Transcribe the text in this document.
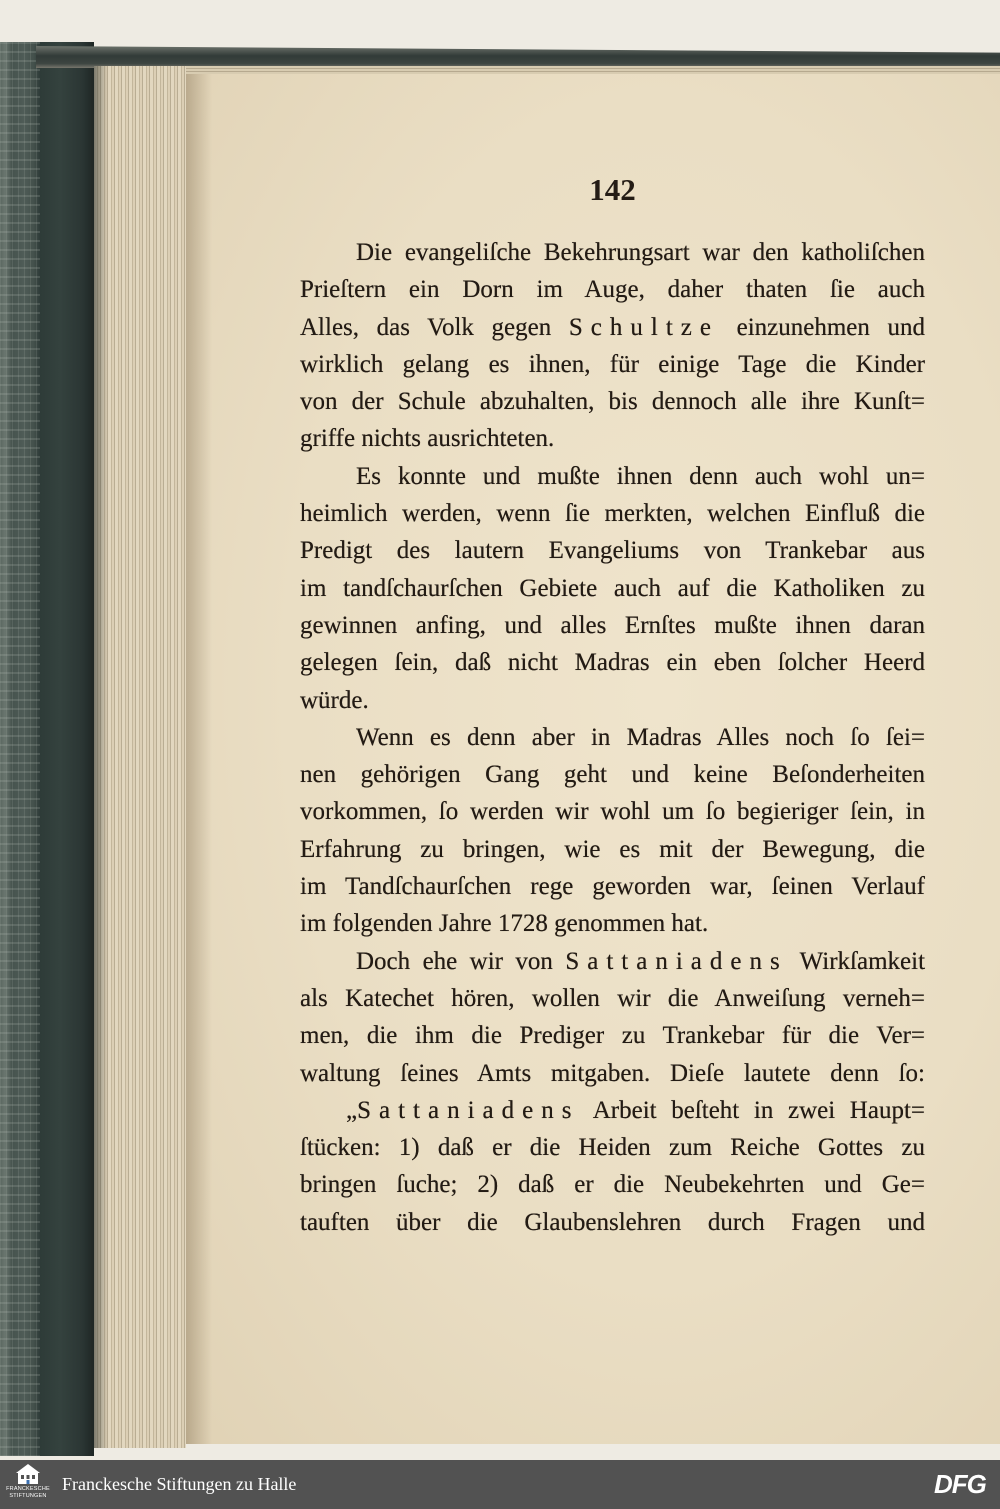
142
Die evangeliſche Bekehrungsart war den katholiſchen
Prieſtern ein Dorn im Auge, daher thaten ſie auch
Alles, das Volk gegen Schultze einzunehmen und
wirklich gelang es ihnen, für einige Tage die Kinder
von der Schule abzuhalten, bis dennoch alle ihre Kunſt=
griffe nichts ausrichteten.
Es konnte und mußte ihnen denn auch wohl un=
heimlich werden, wenn ſie merkten, welchen Einfluß die
Predigt des lautern Evangeliums von Trankebar aus
im tandſchaurſchen Gebiete auch auf die Katholiken zu
gewinnen anfing, und alles Ernſtes mußte ihnen daran
gelegen ſein, daß nicht Madras ein eben ſolcher Heerd
würde.
Wenn es denn aber in Madras Alles noch ſo ſei=
nen gehörigen Gang geht und keine Beſonderheiten
vorkommen, ſo werden wir wohl um ſo begieriger ſein, in
Erfahrung zu bringen, wie es mit der Bewegung, die
im Tandſchaurſchen rege geworden war, ſeinen Verlauf
im folgenden Jahre 1728 genommen hat.
Doch ehe wir von Sattaniadens Wirkſamkeit
als Katechet hören, wollen wir die Anweiſung verneh=
men, die ihm die Prediger zu Trankebar für die Ver=
waltung ſeines Amts mitgaben. Dieſe lautete denn ſo:
„Sattaniadens Arbeit beſteht in zwei Haupt=
ſtücken: 1) daß er die Heiden zum Reiche Gottes zu
bringen ſuche; 2) daß er die Neubekehrten und Ge=
tauften über die Glaubenslehren durch Fragen und
FRANCKESCHE
STIFTUNGEN
Franckesche Stiftungen zu Halle	DFG
